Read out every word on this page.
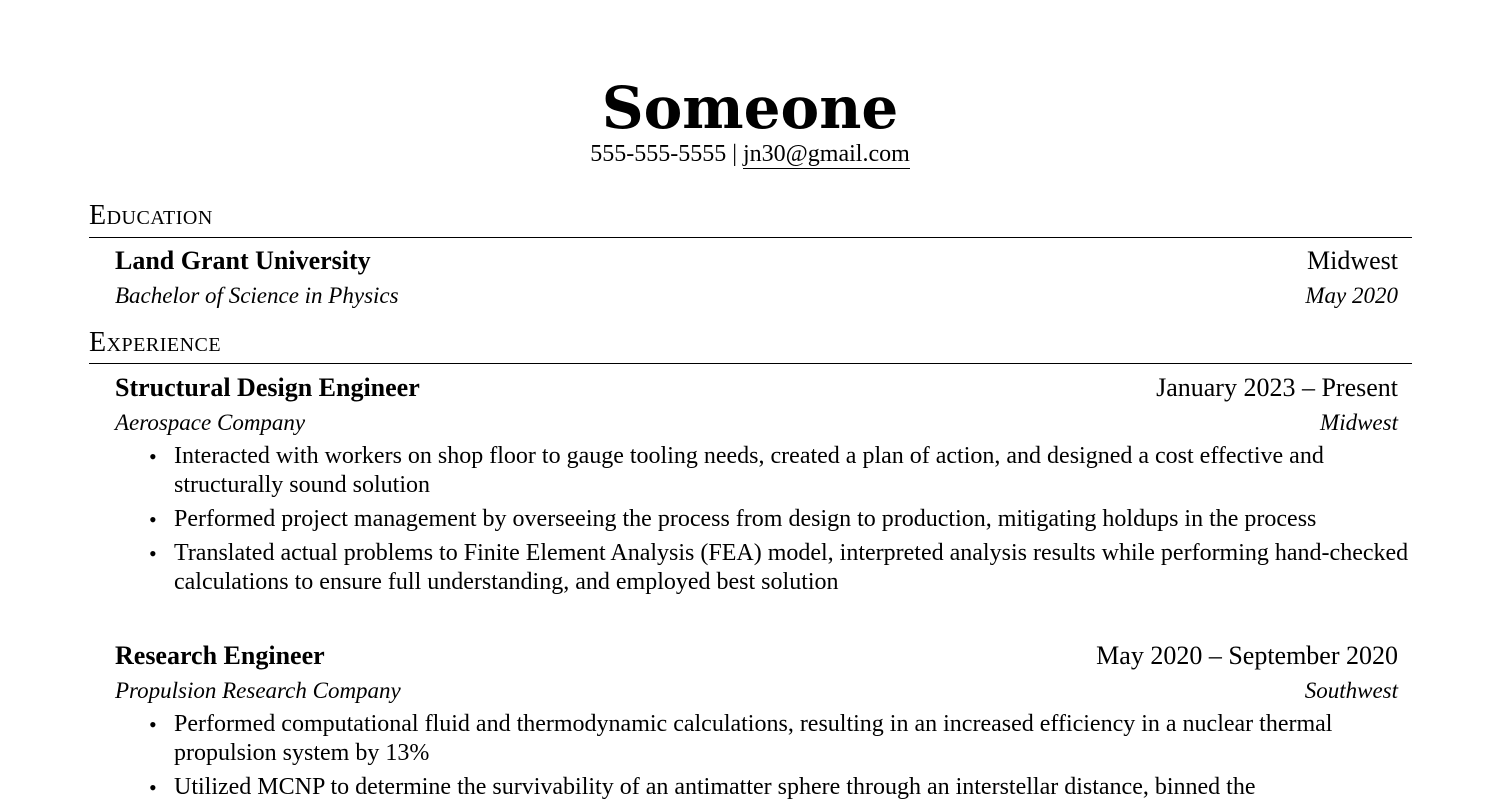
Someone
555-555-5555 | jn30@gmail.com
Education
Land Grant University	Midwest
Bachelor of Science in Physics	May 2020
Experience
Structural Design Engineer	January 2023 – Present
Aerospace Company	Midwest
• Interacted with workers on shop floor to gauge tooling needs, created a plan of action, and designed a cost effective and structurally sound solution
• Performed project management by overseeing the process from design to production, mitigating holdups in the process
• Translated actual problems to Finite Element Analysis (FEA) model, interpreted analysis results while performing hand-checked calculations to ensure full understanding, and employed best solution
Research Engineer	May 2020 – September 2020
Propulsion Research Company	Southwest
• Performed computational fluid and thermodynamic calculations, resulting in an increased efficiency in a nuclear thermal propulsion system by 13%
• Utilized MCNP to determine the survivability of an antimatter sphere through an interstellar distance, binned the
